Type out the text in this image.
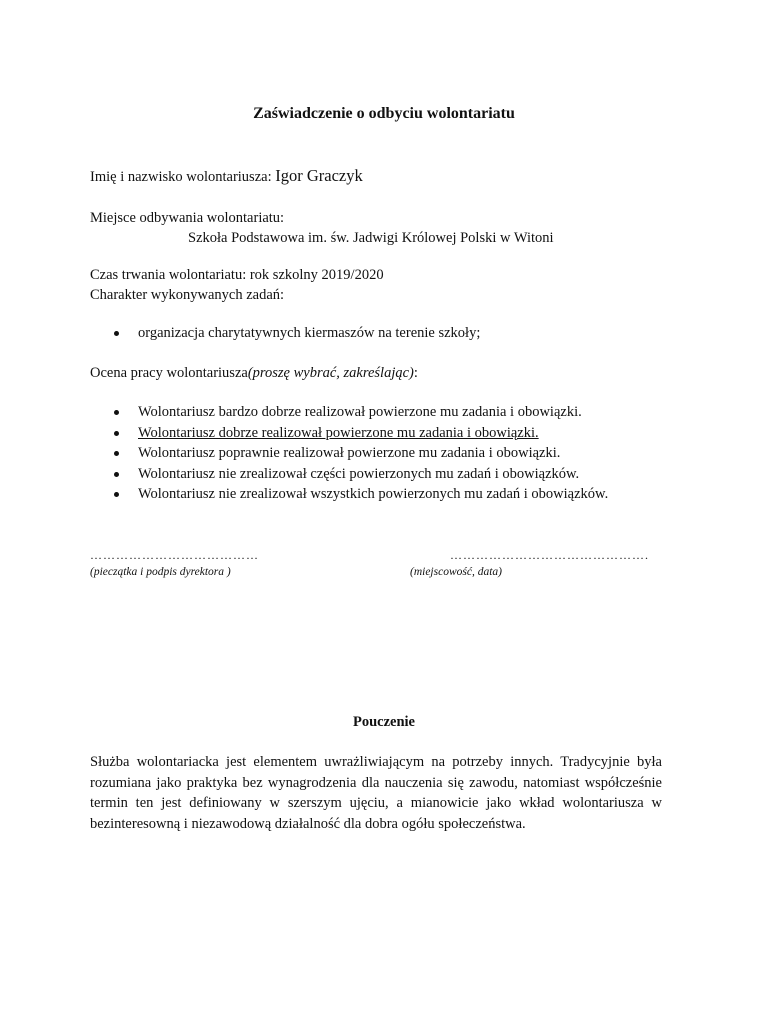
Zaświadczenie o odbyciu wolontariatu
Imię i nazwisko wolontariusza: Igor Graczyk
Miejsce odbywania wolontariatu:
Szkoła Podstawowa im. św. Jadwigi Królowej Polski w Witoni
Czas trwania wolontariatu: rok szkolny 2019/2020
Charakter wykonywanych zadań:
organizacja charytatywnych kiermaszów na terenie szkoły;
Ocena pracy wolontariusza(proszę wybrać, zakreślając):
Wolontariusz bardzo dobrze realizował powierzone mu zadania i obowiązki.
Wolontariusz dobrze realizował powierzone mu zadania i obowiązki.
Wolontariusz poprawnie realizował powierzone mu zadania i obowiązki.
Wolontariusz nie zrealizował części powierzonych mu zadań i obowiązków.
Wolontariusz nie zrealizował wszystkich powierzonych mu zadań i obowiązków.
…………………………………	……………………………………….
(pieczątka i podpis dyrektora )	(miejscowość, data)
Pouczenie
Służba wolontariacka jest elementem uwrażliwiającym na potrzeby innych. Tradycyjnie była rozumiana jako praktyka bez wynagrodzenia dla nauczenia się zawodu, natomiast współcześnie termin ten jest definiowany w szerszym ujęciu, a mianowicie jako wkład wolontariusza w bezinteresowną i niezawodową działalność dla dobra ogółu społeczeństwa.
